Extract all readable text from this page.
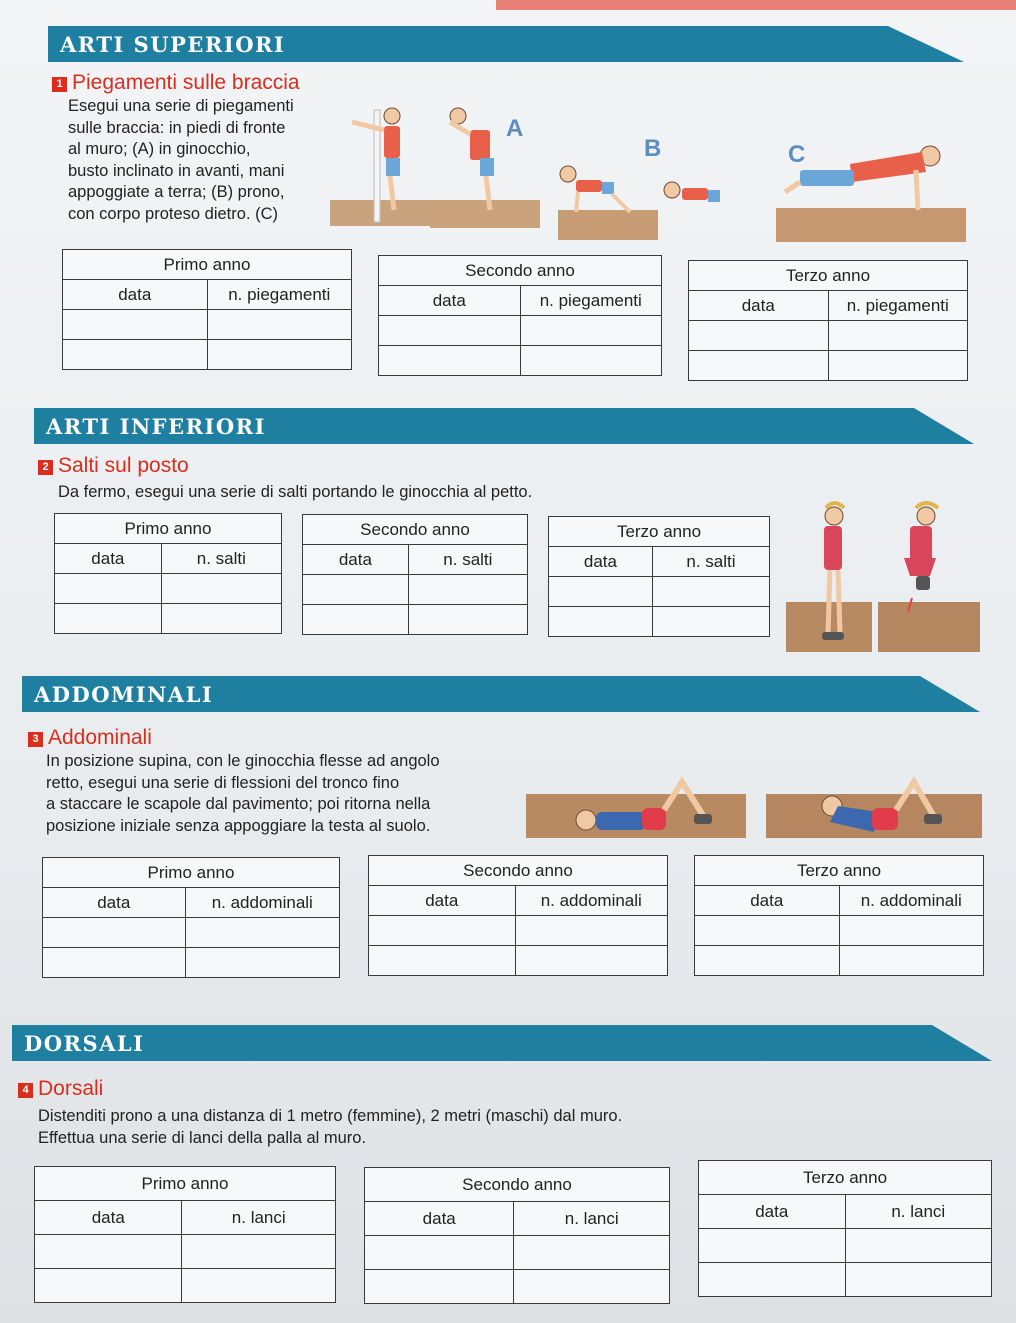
ARTI SUPERIORI
1 Piegamenti sulle braccia
Esegui una serie di piegamenti
sulle braccia: in piedi di fronte
al muro; (A) in ginocchio,
busto inclinato in avanti, mani
appoggiate a terra; (B) prono,
con corpo proteso dietro. (C)
A
B	C
Primo anno	
data	n. piegamenti

Secondo anno	
data	n. piegamenti

Terzo anno	
data	n. piegamenti

ARTI INFERIORI
2 Salti sul posto
Da fermo, esegui una serie di salti portando le ginocchia al petto.
Primo anno	
data	n. salti

Secondo anno	
data	n. salti

Terzo anno	
data	n. salti

ADDOMINALI
3 Addominali
In posizione supina, con le ginocchia flesse ad angolo
retto, esegui una serie di flessioni del tronco fino
a staccare le scapole dal pavimento; poi ritorna nella
posizione iniziale senza appoggiare la testa al suolo.
Primo anno	
data	n. addominali

Secondo anno	
data	n. addominali

Terzo anno	
data	n. addominali

DORSALI
4 Dorsali
Distenditi prono a una distanza di 1 metro (femmine), 2 metri (maschi) dal muro.
Effettua una serie di lanci della palla al muro.
Primo anno	
data	n. lanci

Secondo anno	
data	n. lanci

Terzo anno	
data	n. lanci
